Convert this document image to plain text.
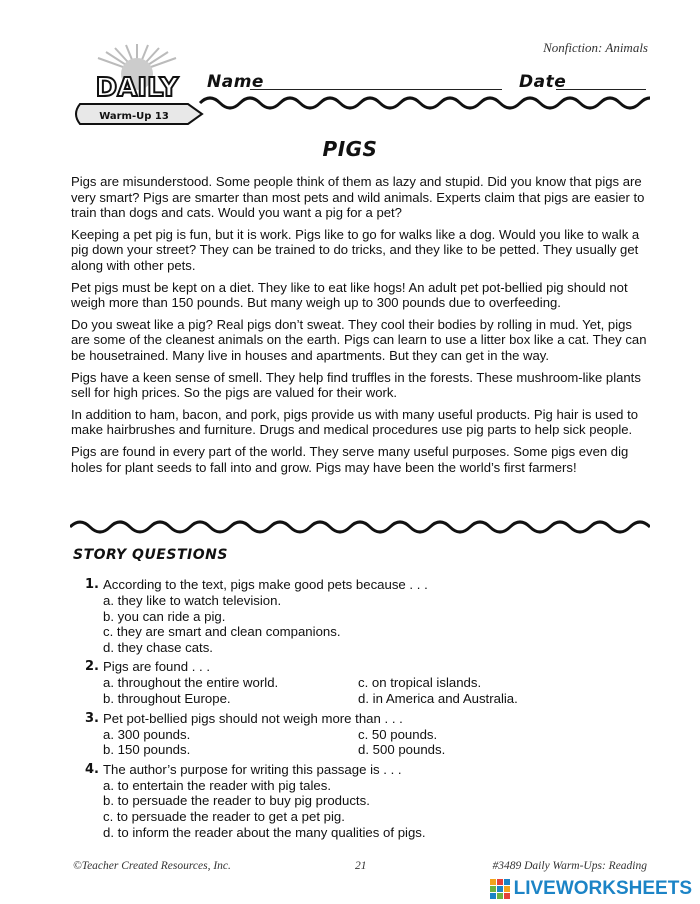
Nonfiction: Animals
DAILY
Warm-Up 13
Name	Date
PIGS

Pigs are misunderstood. Some people think of them as lazy and stupid. Did you know that pigs are very smart? Pigs are smarter than most pets and wild animals. Experts claim that pigs are easier to train than dogs and cats. Would you want a pig for a pet?

Keeping a pet pig is fun, but it is work. Pigs like to go for walks like a dog. Would you like to walk a pig down your street? They can be trained to do tricks, and they like to be petted. They usually get along with other pets.

Pet pigs must be kept on a diet. They like to eat like hogs! An adult pet pot-bellied pig should not weigh more than 150 pounds. But many weigh up to 300 pounds due to overfeeding.

Do you sweat like a pig? Real pigs don’t sweat. They cool their bodies by rolling in mud. Yet, pigs are some of the cleanest animals on the earth. Pigs can learn to use a litter box like a cat. They can be housetrained. Many live in houses and apartments. But they can get in the way.

Pigs have a keen sense of smell. They help find truffles in the forests. These mushroom-like plants sell for high prices. So the pigs are valued for their work.

In addition to ham, bacon, and pork, pigs provide us with many useful products. Pig hair is used to make hairbrushes and furniture. Drugs and medical procedures use pig parts to help sick people.

Pigs are found in every part of the world. They serve many useful purposes. Some pigs even dig holes for plant seeds to fall into and grow. Pigs may have been the world’s first farmers!

STORY QUESTIONS
1. According to the text, pigs make good pets because . . .
a. they like to watch television.
b. you can ride a pig.
c. they are smart and clean companions.
d. they chase cats.
2. Pigs are found . . .
a. throughout the entire world.	c. on tropical islands.
b. throughout Europe.	d. in America and Australia.
3. Pet pot-bellied pigs should not weigh more than . . .
a. 300 pounds.	c. 50 pounds.
b. 150 pounds.	d. 500 pounds.
4. The author’s purpose for writing this passage is . . .
a. to entertain the reader with pig tales.
b. to persuade the reader to buy pig products.
c. to persuade the reader to get a pet pig.
d. to inform the reader about the many qualities of pigs.
©Teacher Created Resources, Inc.	21	#3489 Daily Warm-Ups: Reading
LIVEWORKSHEETS
